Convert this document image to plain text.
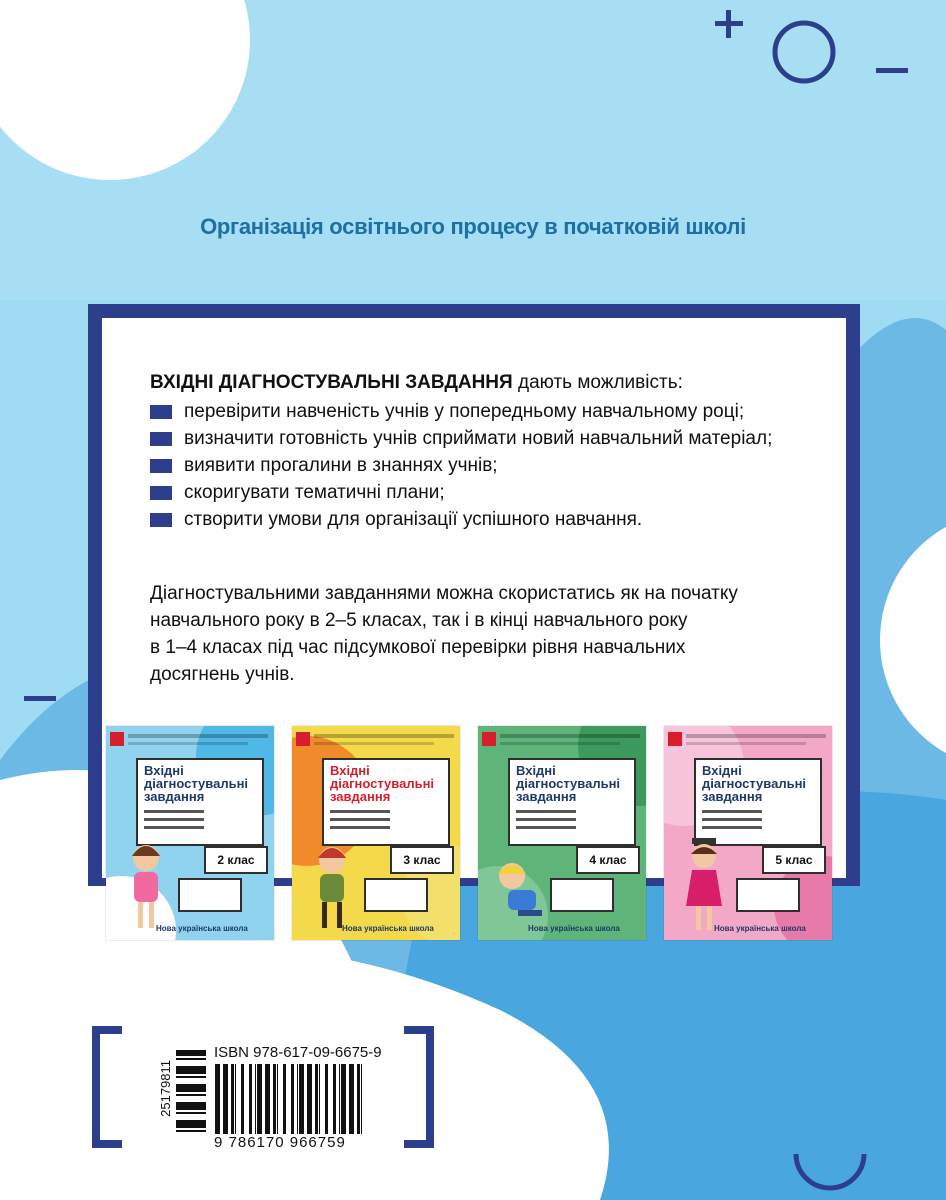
Організація освітнього процесу в початковій школі
ВХІДНІ ДІАГНОСТУВАЛЬНІ ЗАВДАННЯ дають можливість:
перевірити навченість учнів у попередньому навчальному році;
визначити готовність учнів сприймати новий навчальний матеріал;
виявити прогалини в знаннях учнів;
скоригувати тематичні плани;
створити умови для організації успішного навчання.

Діагностувальними завданнями можна скористатись як на початку
навчального року в 2–5 класах, так і в кінці навчального року
в 1–4 класах під час підсумкової перевірки рівня навчальних
досягнень учнів.

Вхідні
діагностувальні
завдання
2 клас
Нова українська школа
Вхідні
діагностувальні
завдання
3 клас
Нова українська школа
Вхідні
діагностувальні
завдання
4 клас
Нова українська школа
Вхідні
діагностувальні
завдання
5 клас
Нова українська школа
ISBN 978-617-09-6675-9
25179811
9 786170 966759
